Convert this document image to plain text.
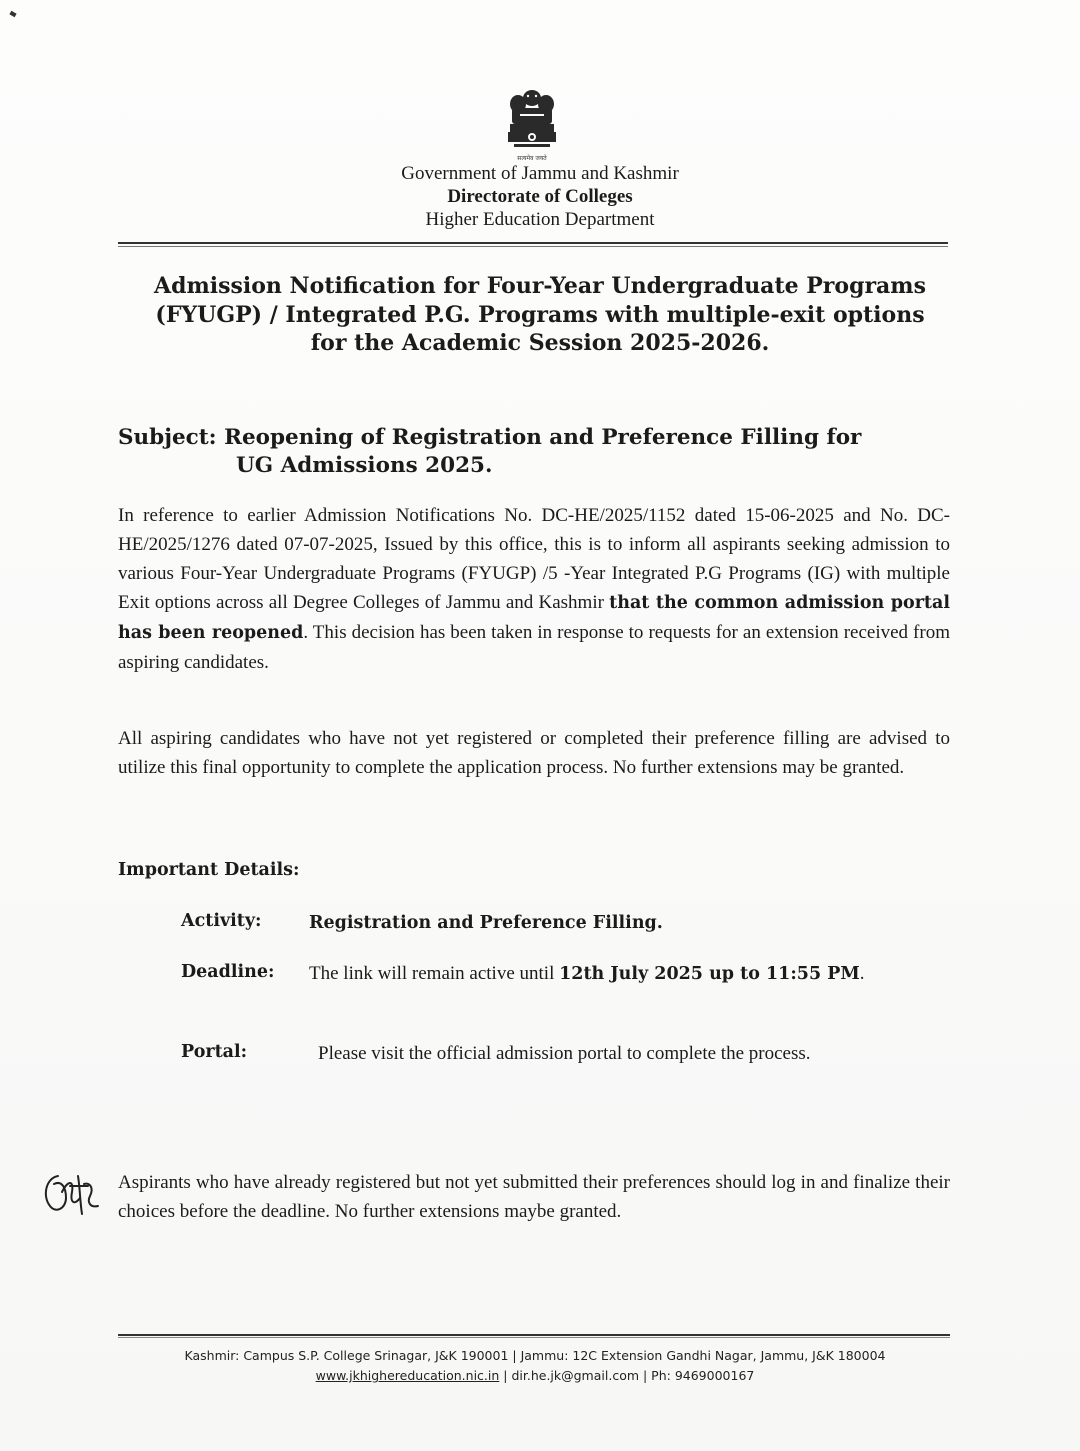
सत्यमेव जयते
Government of Jammu and Kashmir
Directorate of Colleges
Higher Education Department
Admission Notification for Four-Year Undergraduate Programs
(FYUGP) / Integrated P.G. Programs with multiple-exit options
for the Academic Session 2025-2026.
Subject: Reopening of Registration and Preference Filling for
UG Admissions 2025.
In reference to earlier Admission Notifications No. DC-HE/2025/1152 dated 15-06-2025 and No. DC-HE/2025/1276 dated 07-07-2025, Issued by this office, this is to inform all aspirants seeking admission to various Four-Year Undergraduate Programs (FYUGP) /5 -Year Integrated P.G Programs (IG) with multiple Exit options across all Degree Colleges of Jammu and Kashmir that the common admission portal has been reopened. This decision has been taken in response to requests for an extension received from aspiring candidates.
All aspiring candidates who have not yet registered or completed their preference filling are advised to utilize this final opportunity to complete the application process. No further extensions may be granted.
Important Details:
Activity:	Registration and Preference Filling.
Deadline: The link will remain active until 12th July 2025 up to 11:55 PM.
Portal:	Please visit the official admission portal to complete the process.
Aspirants who have already registered but not yet submitted their preferences should log in and finalize their choices before the deadline. No further extensions maybe granted.
Kashmir: Campus S.P. College Srinagar, J&K 190001 | Jammu: 12C Extension Gandhi Nagar, Jammu, J&K 180004
www.jkhighereducation.nic.in | dir.he.jk@gmail.com | Ph: 9469000167
